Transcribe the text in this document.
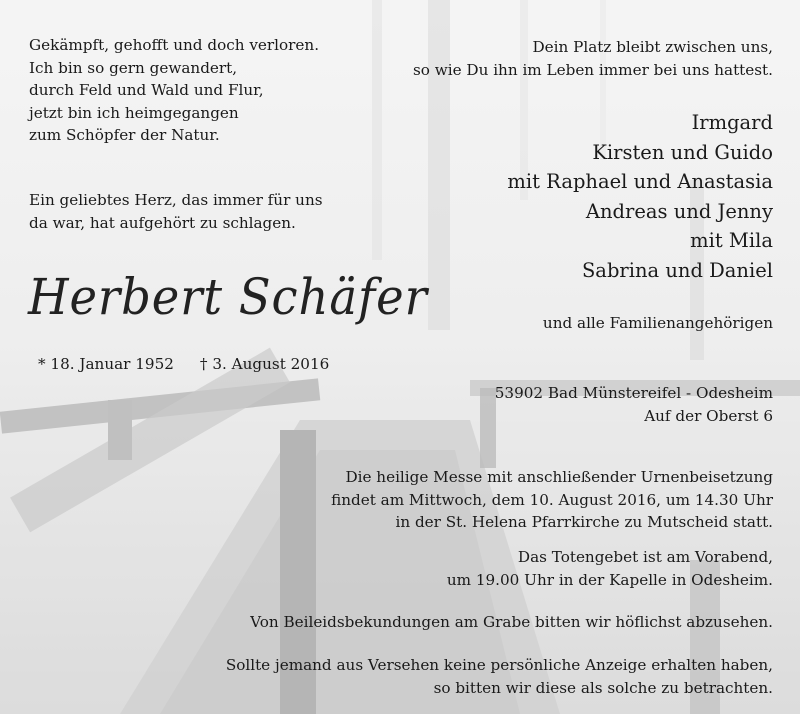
Gekämpft, gehofft und doch verloren.
Ich bin so gern gewandert,
durch Feld und Wald und Flur,
jetzt bin ich heimgegangen
zum Schöpfer der Natur.
Ein geliebtes Herz, das immer für uns
da war, hat aufgehört zu schlagen.
Herbert Schäfer
* 18. Januar 1952 † 3. August 2016
Dein Platz bleibt zwischen uns,
so wie Du ihn im Leben immer bei uns hattest.
Irmgard
Kirsten und Guido
mit Raphael und Anastasia
Andreas und Jenny
mit Mila
Sabrina und Daniel
und alle Familienangehörigen
53902 Bad Münstereifel - Odesheim
Auf der Oberst 6
Die heilige Messe mit anschließender Urnenbeisetzung
findet am Mittwoch, dem 10. August 2016, um 14.30 Uhr
in der St. Helena Pfarrkirche zu Mutscheid statt.
Das Totengebet ist am Vorabend,
um 19.00 Uhr in der Kapelle in Odesheim.
Von Beileidsbekundungen am Grabe bitten wir höflichst abzusehen.
Sollte jemand aus Versehen keine persönliche Anzeige erhalten haben,
so bitten wir diese als solche zu betrachten.
